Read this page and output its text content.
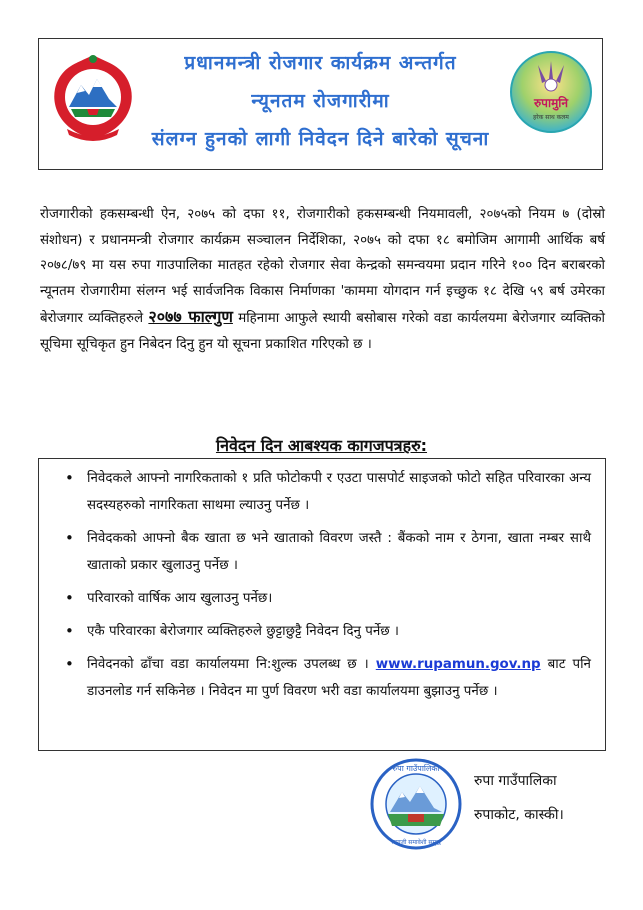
प्रधानमन्त्री रोजगार कार्यक्रम अन्तर्गत
न्यूनतम रोजगारीमा
संलग्न हुनको लागी निवेदन दिने बारेको सूचना
रुपामुनि
हरेक साथ कलम

रोजगारीको हकसम्बन्धी ऐन, २०७५ को दफा ११, रोजगारीको हकसम्बन्धी नियमावली, २०७५को नियम ७ (दोस्रो संशोधन) र प्रधानमन्त्री रोजगार कार्यक्रम सञ्चालन निर्देशिका, २०७५ को दफा १८ बमोजिम आगामी आर्थिक बर्ष २०७८/७९ मा यस रुपा गाउपालिका मातहत रहेको रोजगार सेवा केन्द्रको समन्वयमा प्रदान गरिने १०० दिन बराबरको न्यूनतम रोजगारीमा संलग्न भई सार्वजनिक विकास निर्माणका 'काममा योगदान गर्न इच्छुक १८ देखि ५९ बर्ष उमेरका बेरोजगार व्यक्तिहरुले २०७७ फाल्गुण महिनामा आफुले स्थायी बसोबास गरेको वडा कार्यलयमा बेरोजगार व्यक्तिको सूचिमा सूचिकृत हुन निबेदन दिनु हुन यो सूचना प्रकाशित गरिएको छ ।

निवेदन दिन आबश्यक कागजपत्रहरु:
• निवेदकले आफ्नो नागरिकताको १ प्रति फोटोकपी र एउटा पासपोर्ट साइजको फोटो सहित परिवारका अन्य सदस्यहरुको नागरिकता साथमा ल्याउनु पर्नेछ ।
• निवेदकको आफ्नो बैक खाता छ भने खाताको विवरण जस्तै : बैंकको नाम र ठेगना, खाता नम्बर साथै खाताको प्रकार खुलाउनु पर्नेछ ।
• परिवारको वार्षिक आय खुलाउनु पर्नेछ।
• एकै परिवारका बेरोजगार व्यक्तिहरुले छुट्टाछुट्टै निवेदन दिनु पर्नेछ ।
• निवेदनको ढाँचा वडा कार्यालयमा नि:शुल्क उपलब्ध छ । www.rupamun.gov.np बाट पनि डाउनलोड गर्न सकिनेछ । निवेदन मा पुर्ण विवरण भरी वडा कार्यालयमा बुझाउनु पर्नेछ ।
रुपा गाउँपालिका
समाजी समावेशी समृद्ध
रुपा गाउँपालिका
रुपाकोट, कास्की।
